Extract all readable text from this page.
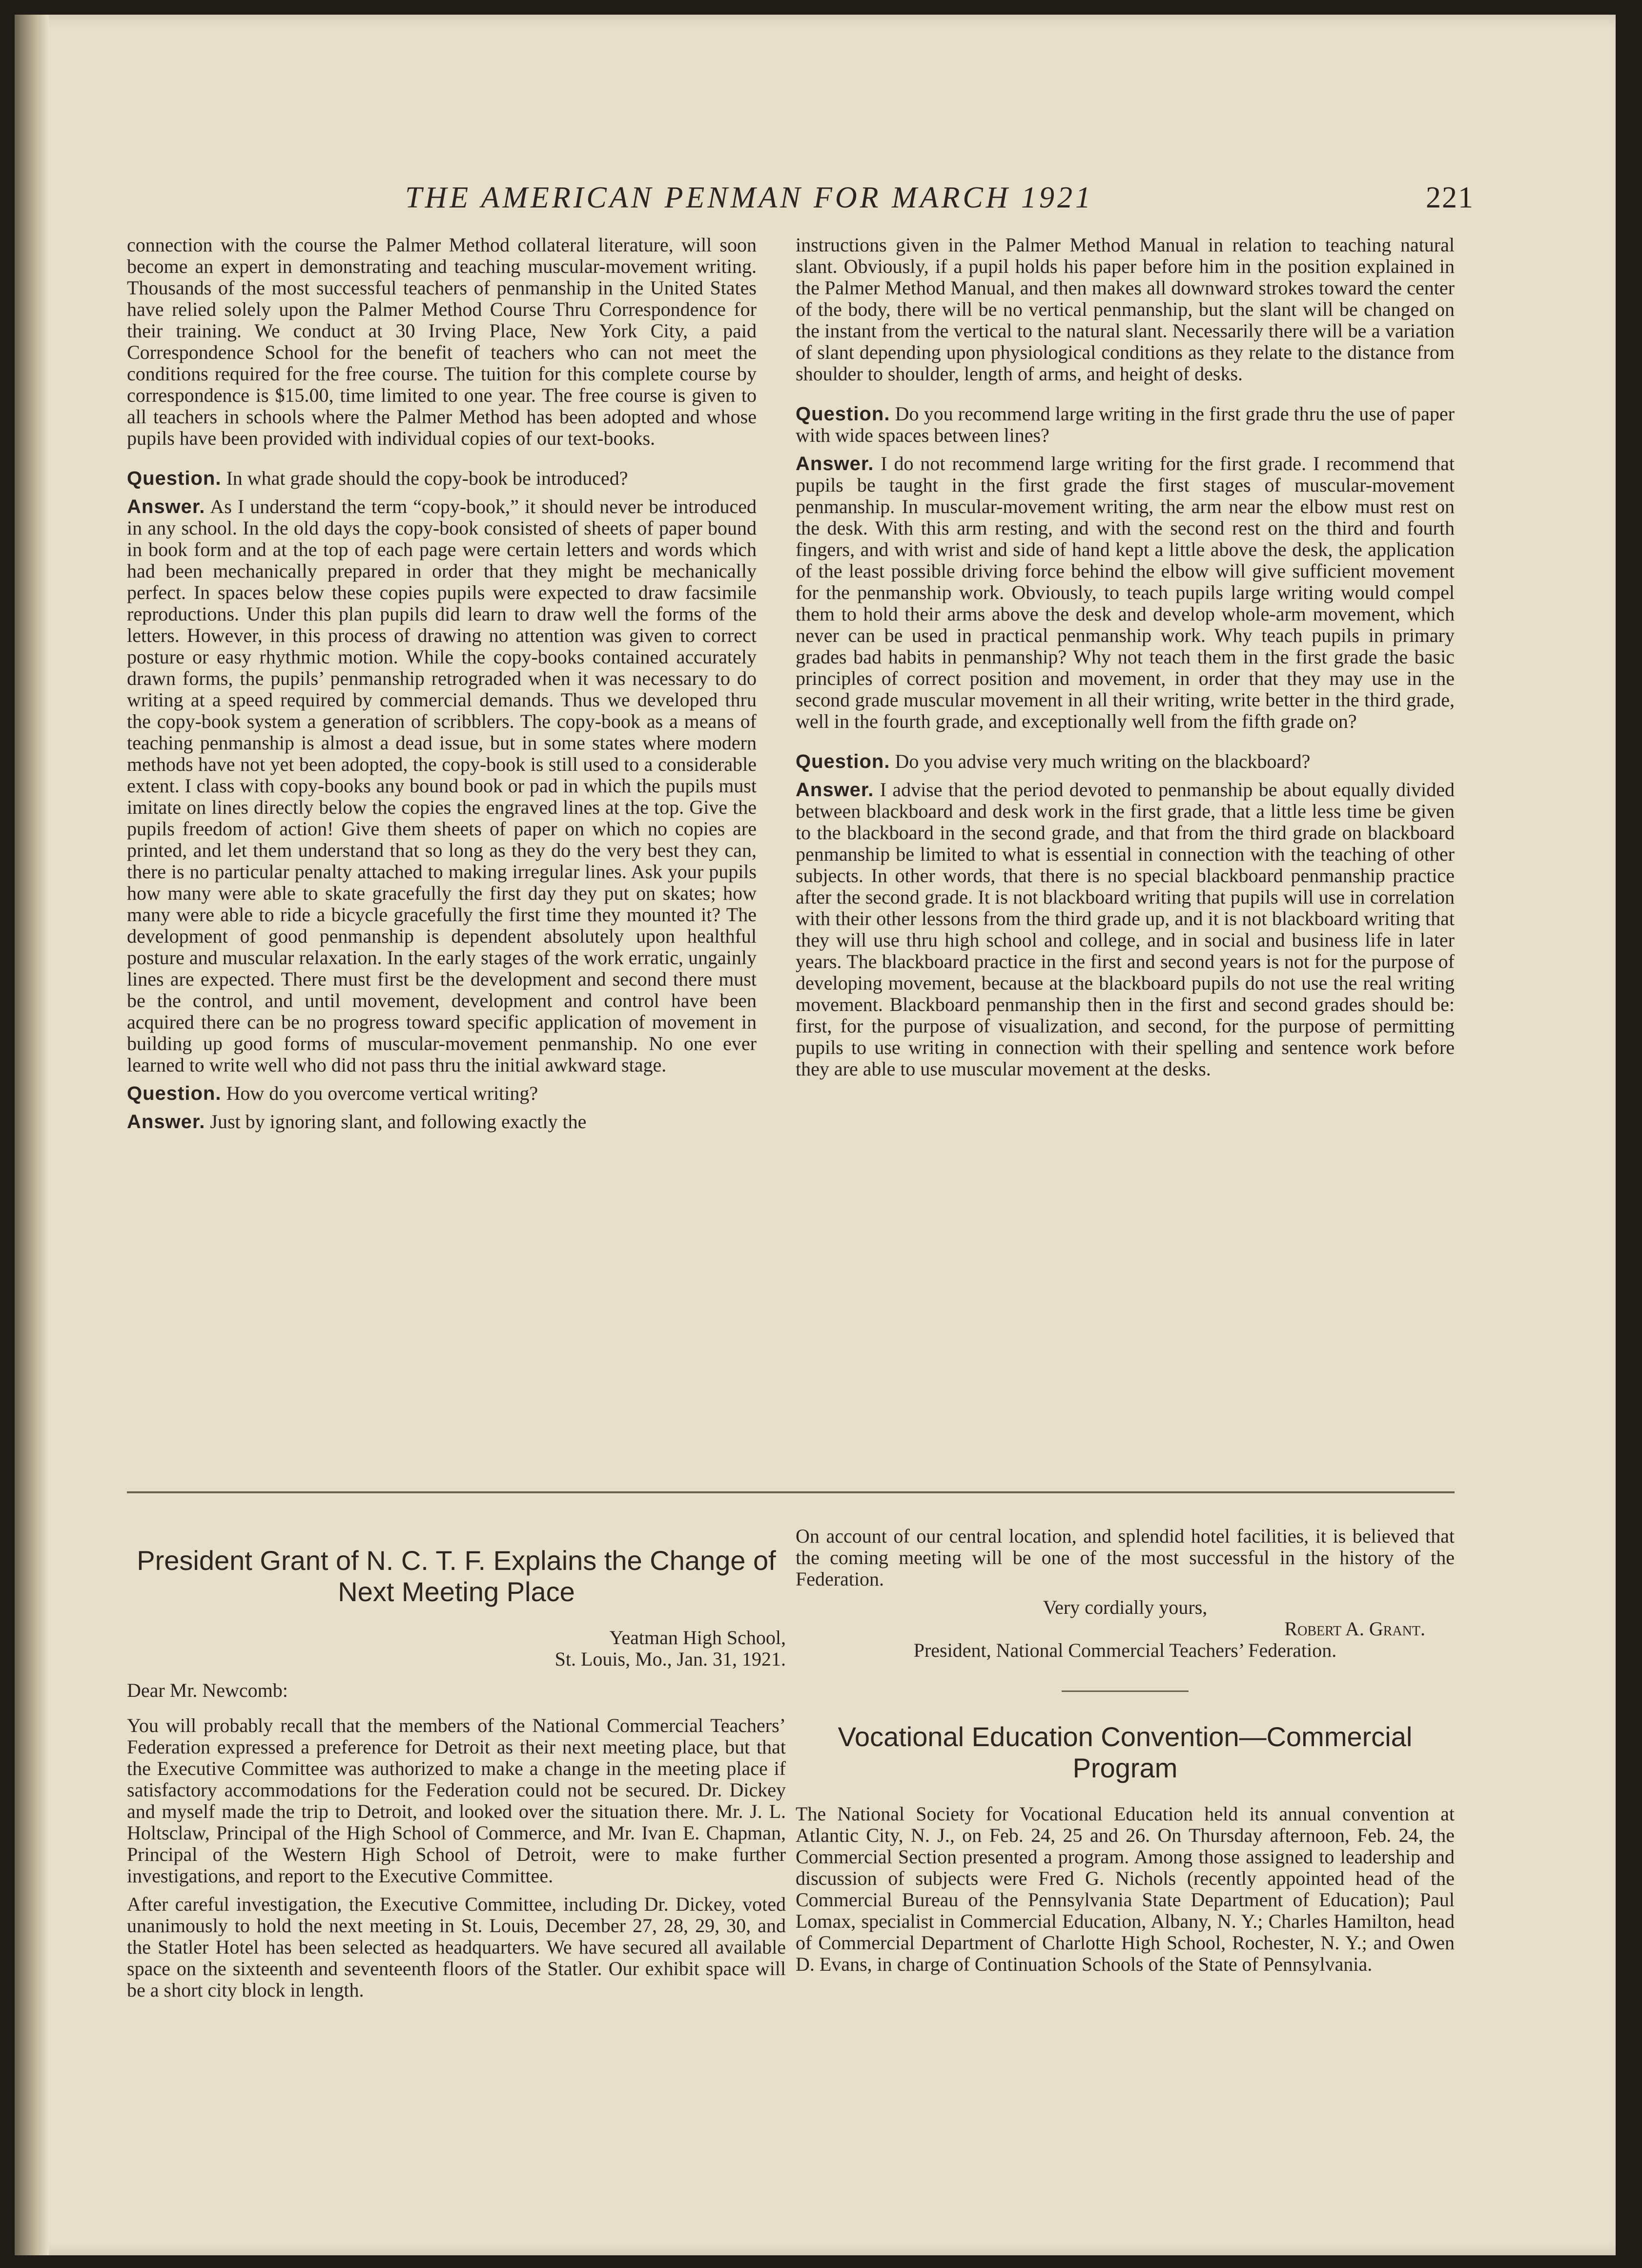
THE AMERICAN PENMAN FOR MARCH 1921	221

connection with the course the Palmer Method collateral literature, will soon become an expert in demonstrating and teaching muscular-movement writing. Thousands of the most successful teachers of penmanship in the United States have relied solely upon the Palmer Method Course Thru Correspondence for their training. We conduct at 30 Irving Place, New York City, a paid Correspondence School for the benefit of teachers who can not meet the conditions required for the free course. The tuition for this complete course by correspondence is $15.00, time limited to one year. The free course is given to all teachers in schools where the Palmer Method has been adopted and whose pupils have been provided with individual copies of our text-books.

Question. In what grade should the copy-book be introduced?

Answer. As I understand the term “copy-book,” it should never be introduced in any school. In the old days the copy-book consisted of sheets of paper bound in book form and at the top of each page were certain letters and words which had been mechanically prepared in order that they might be mechanically perfect. In spaces below these copies pupils were expected to draw facsimile reproductions. Under this plan pupils did learn to draw well the forms of the letters. However, in this process of drawing no attention was given to correct posture or easy rhythmic motion. While the copy-books contained accurately drawn forms, the pupils’ penmanship retrograded when it was necessary to do writing at a speed required by commercial demands. Thus we developed thru the copy-book system a generation of scribblers. The copy-book as a means of teaching penmanship is almost a dead issue, but in some states where modern methods have not yet been adopted, the copy-book is still used to a considerable extent. I class with copy-books any bound book or pad in which the pupils must imitate on lines directly below the copies the engraved lines at the top. Give the pupils freedom of action! Give them sheets of paper on which no copies are printed, and let them understand that so long as they do the very best they can, there is no particular penalty attached to making irregular lines. Ask your pupils how many were able to skate gracefully the first day they put on skates; how many were able to ride a bicycle gracefully the first time they mounted it? The development of good penmanship is dependent absolutely upon healthful posture and muscular relaxation. In the early stages of the work erratic, ungainly lines are expected. There must first be the development and second there must be the control, and until movement, development and control have been acquired there can be no progress toward specific application of movement in building up good forms of muscular-movement penmanship. No one ever learned to write well who did not pass thru the initial awkward stage.

Question. How do you overcome vertical writing?

Answer. Just by ignoring slant, and following exactly the

instructions given in the Palmer Method Manual in relation to teaching natural slant. Obviously, if a pupil holds his paper before him in the position explained in the Palmer Method Manual, and then makes all downward strokes toward the center of the body, there will be no vertical penmanship, but the slant will be changed on the instant from the vertical to the natural slant. Necessarily there will be a variation of slant depending upon physiological conditions as they relate to the distance from shoulder to shoulder, length of arms, and height of desks.

Question. Do you recommend large writing in the first grade thru the use of paper with wide spaces between lines?

Answer. I do not recommend large writing for the first grade. I recommend that pupils be taught in the first grade the first stages of muscular-movement penmanship. In muscular-movement writing, the arm near the elbow must rest on the desk. With this arm resting, and with the second rest on the third and fourth fingers, and with wrist and side of hand kept a little above the desk, the application of the least possible driving force behind the elbow will give sufficient movement for the penmanship work. Obviously, to teach pupils large writing would compel them to hold their arms above the desk and develop whole-arm movement, which never can be used in practical penmanship work. Why teach pupils in primary grades bad habits in penmanship? Why not teach them in the first grade the basic principles of correct position and movement, in order that they may use in the second grade muscular movement in all their writing, write better in the third grade, well in the fourth grade, and exceptionally well from the fifth grade on?

Question. Do you advise very much writing on the blackboard?

Answer. I advise that the period devoted to penmanship be about equally divided between blackboard and desk work in the first grade, that a little less time be given to the blackboard in the second grade, and that from the third grade on blackboard penmanship be limited to what is essential in connection with the teaching of other subjects. In other words, that there is no special blackboard penmanship practice after the second grade. It is not blackboard writing that pupils will use in correlation with their other lessons from the third grade up, and it is not blackboard writing that they will use thru high school and college, and in social and business life in later years. The blackboard practice in the first and second years is not for the purpose of developing movement, because at the blackboard pupils do not use the real writing movement. Blackboard penmanship then in the first and second grades should be: first, for the purpose of visualization, and second, for the purpose of permitting pupils to use writing in connection with their spelling and sentence work before they are able to use muscular movement at the desks.

President Grant of N. C. T. F. Explains the Change of Next Meeting Place

Yeatman High School,

St. Louis, Mo., Jan. 31, 1921.

Dear Mr. Newcomb:

You will probably recall that the members of the National Commercial Teachers’ Federation expressed a preference for Detroit as their next meeting place, but that the Executive Committee was authorized to make a change in the meeting place if satisfactory accommodations for the Federation could not be secured. Dr. Dickey and myself made the trip to Detroit, and looked over the situation there. Mr. J. L. Holtsclaw, Principal of the High School of Commerce, and Mr. Ivan E. Chapman, Principal of the Western High School of Detroit, were to make further investigations, and report to the Executive Committee.

After careful investigation, the Executive Committee, including Dr. Dickey, voted unanimously to hold the next meeting in St. Louis, December 27, 28, 29, 30, and the Statler Hotel has been selected as headquarters. We have secured all available space on the sixteenth and seventeenth floors of the Statler. Our exhibit space will be a short city block in length.

On account of our central location, and splendid hotel facilities, it is believed that the coming meeting will be one of the most successful in the history of the Federation.

Very cordially yours,

Robert A. Grant.

President, National Commercial Teachers’ Federation.

Vocational Education Convention—Commercial Program

The National Society for Vocational Education held its annual convention at Atlantic City, N. J., on Feb. 24, 25 and 26. On Thursday afternoon, Feb. 24, the Commercial Section presented a program. Among those assigned to leadership and discussion of subjects were Fred G. Nichols (recently appointed head of the Commercial Bureau of the Pennsylvania State Department of Education); Paul Lomax, specialist in Commercial Education, Albany, N. Y.; Charles Hamilton, head of Commercial Department of Charlotte High School, Rochester, N. Y.; and Owen D. Evans, in charge of Continuation Schools of the State of Pennsylvania.
